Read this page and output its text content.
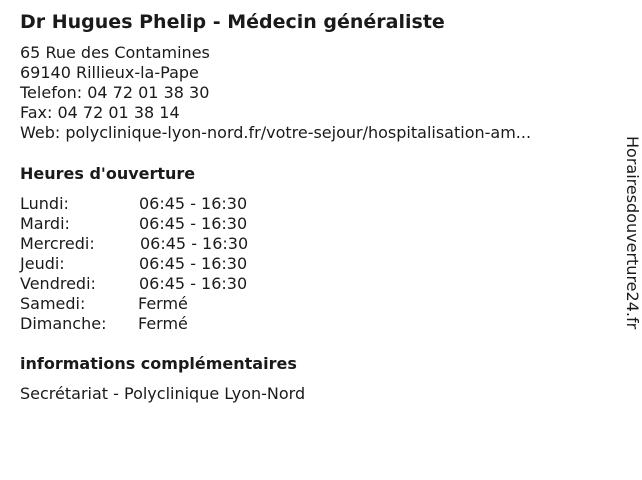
Dr Hugues Phelip - Médecin généraliste
65 Rue des Contamines
69140 Rillieux-la-Pape
Telefon: 04 72 01 38 30
Fax: 04 72 01 38 14
Web: polyclinique-lyon-nord.fr/votre-sejour/hospitalisation-am...
Heures d'ouverture
Lundi:	06:45 - 16:30
Mardi:	06:45 - 16:30
Mercredi:	06:45 - 16:30
Jeudi:	06:45 - 16:30
Vendredi:	06:45 - 16:30
Samedi:	Fermé
Dimanche: Fermé
informations complémentaires
Secrétariat - Polyclinique Lyon-Nord
Horairesdouverture24.fr
